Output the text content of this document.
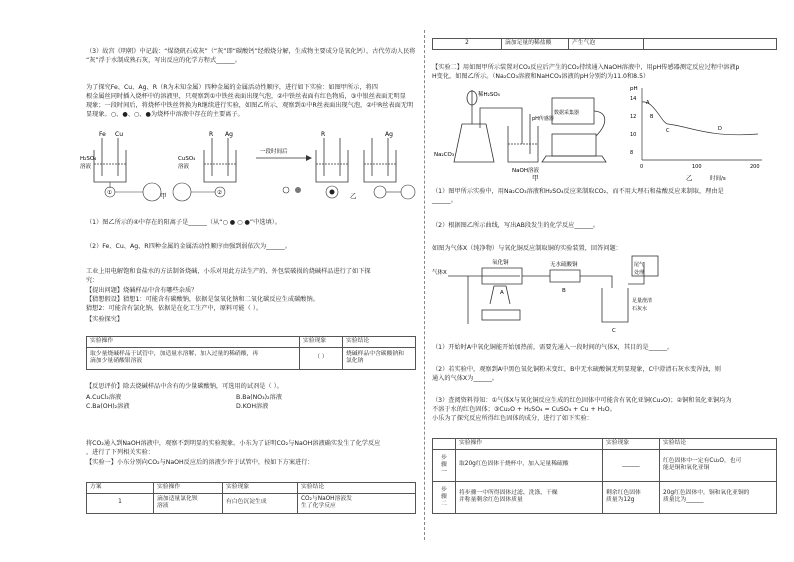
（3）故宫《明朝》中记载：“煤烧矾石成灰”（“灰”即“碳酸钙”经煅烧分解，生成物主要成分是氧化钙），古代劳动人民将
“灰”浮于水制成熟石灰，写出反应的化学方程式______。
为了探究Fe、Cu、Ag、R（R为未知金属）四种金属的金属活动性顺序，进行如下实验：如图甲所示，将四
根金属丝同时插入烧杯中的溶液里，只观察到①中铁丝表面出现气泡，②中铁丝表面有红色物质，③中银丝表面无明显
现象；一段时间后，将烧杯中铁丝替换为R继续进行实验，如图乙所示，观察到①中R丝表面出现气泡，②中R丝表面无明
显现象。○、●、○、●为烧杯中溶液中存在的主要离子。
Fe Cu	R Ag	R	Ag
H₂SO₄
溶液
CuSO₄
溶液
一段时间后
甲	乙
①	②
（1）图乙所示的④中存在的阳离子是______（从“○ ● ○ ●”中选填）。
（2）Fe、Cu、Ag、R四种金属的金属活动性顺序由强到弱依次为______。
工业上用电解饱和食盐水的方法制备烧碱，小乐对用此方法生产的、外包装破损的烧碱样品进行了如下探
究：
【提出问题】烧碱样品中含有哪些杂质？
【猜想假设】猜想1：可能含有碳酸钠，依据是氢氧化钠和二氧化碳反应生成碳酸钠。
猜想2：可能含有氯化钠，依据是在化工生产中，原料可能（ ）。
【实验探究】
实验操作	实验现象	实验结论
取少量烧碱样品于试管中，加适量水溶解，加入过量的稀硝酸，再
滴加少量硝酸银溶液	（ ）	烧碱样品中含碳酸钠和
氯化钠
【反思评价】除去烧碱样品中含有的少量碳酸钠，可选用的试剂是（ ）。
A.CuCl₂溶液	B.Ba(NO₃)₂溶液
C.Ba(OH)₂溶液	D.KOH溶液
将CO₂通入到NaOH溶液中，观察不到明显的实验现象。小东为了证明CO₂与NaOH溶液确实发生了化学反应
，进行了下列相关实验：
【实验一】小东分别向CO₂与NaOH反应后的溶液少许于试管中，按如下方案进行：
方案	实验操作	实验现象	实验结论
1	滴加适量氯化钡
溶液	有白色沉淀生成	CO₂与NaOH溶液发
生了化学反应
2	滴加足量的稀盐酸	产生气泡	
【实验二】用如图甲所示装置对CO₂反应后产生的CO₂持续通入NaOH溶液中，用pH传感器测定反应过程中溶液p
H变化，如图乙所示。（Na₂CO₃溶液和NaHCO₃溶液的pH分别约为11.0和8.5）
稀H₂SO₄
Na₂CO₃
pH传感器
数据采集器
NaOH溶液
甲
pH
14
12
10
8
0	100	200
时间/s
乙
A
B
C	D
（1）图甲所示实验中，用Na₂CO₃溶液和H₂SO₄反应来制取CO₂，而不用大理石和盐酸反应来制取，理由是
______。
（2）根据图乙所示曲线，写出AB段发生的化学反应______。
如图为气体X（纯净物）与氧化铜反应制取铜的实验装置，回答问题：
气体X
氧化铜	无水硫酸铜	尾气
处理
足量澄清
石灰水
A	B
C
（1）开始时A中氧化铜能开始加热前，需要先通入一段时间的气体X，其目的是______。
（2）若实验中，观察到A中黑色氧化铜粉末变红，B中无水硫酸铜无明显现象，C中澄清石灰水变浑浊，则
通入的气体X为______。
（3）查阅资料得知：①气体X与氧化铜反应生成的红色固体中可能含有氧化亚铜(Cu₂O)；②铜和氧化亚铜均为
不溶于水的红色固体；③Cu₂O + H₂SO₄ = CuSO₄ + Cu + H₂O。
小乐为了探究反应所得红色固体的成分，进行了如下实验：
	实验操作	实验现象	实验结论
步
骤
一	取20g红色固体于烧杯中，加入足量稀硫酸	______	红色固体中一定有Cu₂O，也可
能是铜和氧化亚铜
步
骤
二	将步骤一中所得固体过滤、洗涤、干燥
并称量剩余红色固体质量	剩余红色固体
质量为12g	20g红色固体中，铜和氧化亚铜的
质量比为______
